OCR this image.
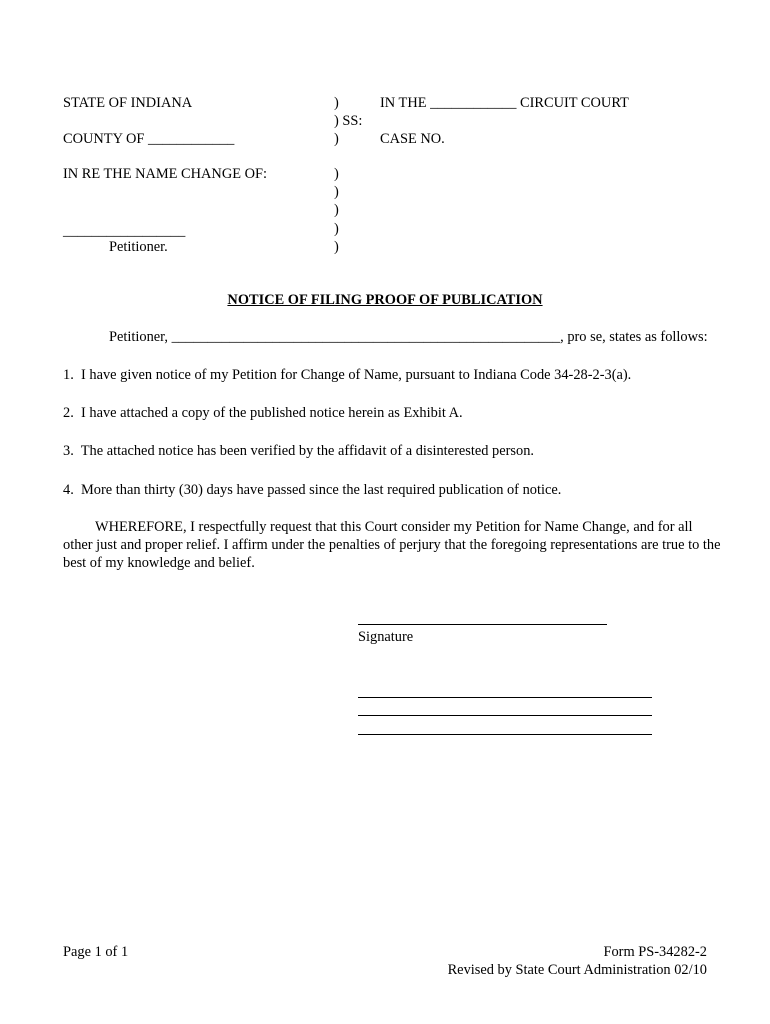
STATE OF INDIANA
COUNTY OF ____________
IN RE THE NAME CHANGE OF:
_________________
Petitioner.
)
) SS:
)
)
)
)
)
)
IN THE ____________ CIRCUIT COURT
CASE NO.
NOTICE OF FILING PROOF OF PUBLICATION
Petitioner, ______________________________________________________, pro se, states as follows:
1.  I have given notice of my Petition for Change of Name, pursuant to Indiana Code 34-28-2-3(a).
2.  I have attached a copy of the published notice herein as Exhibit A.
3.  The attached notice has been verified by the affidavit of a disinterested person.
4.  More than thirty (30) days have passed since the last required publication of notice.
WHEREFORE, I respectfully request that this Court consider my Petition for Name Change, and for all other just and proper relief. I affirm under the penalties of perjury that the foregoing representations are true to the best of my knowledge and belief.
Signature
Page 1 of 1	Form PS-34282-2
Revised by State Court Administration 02/10
